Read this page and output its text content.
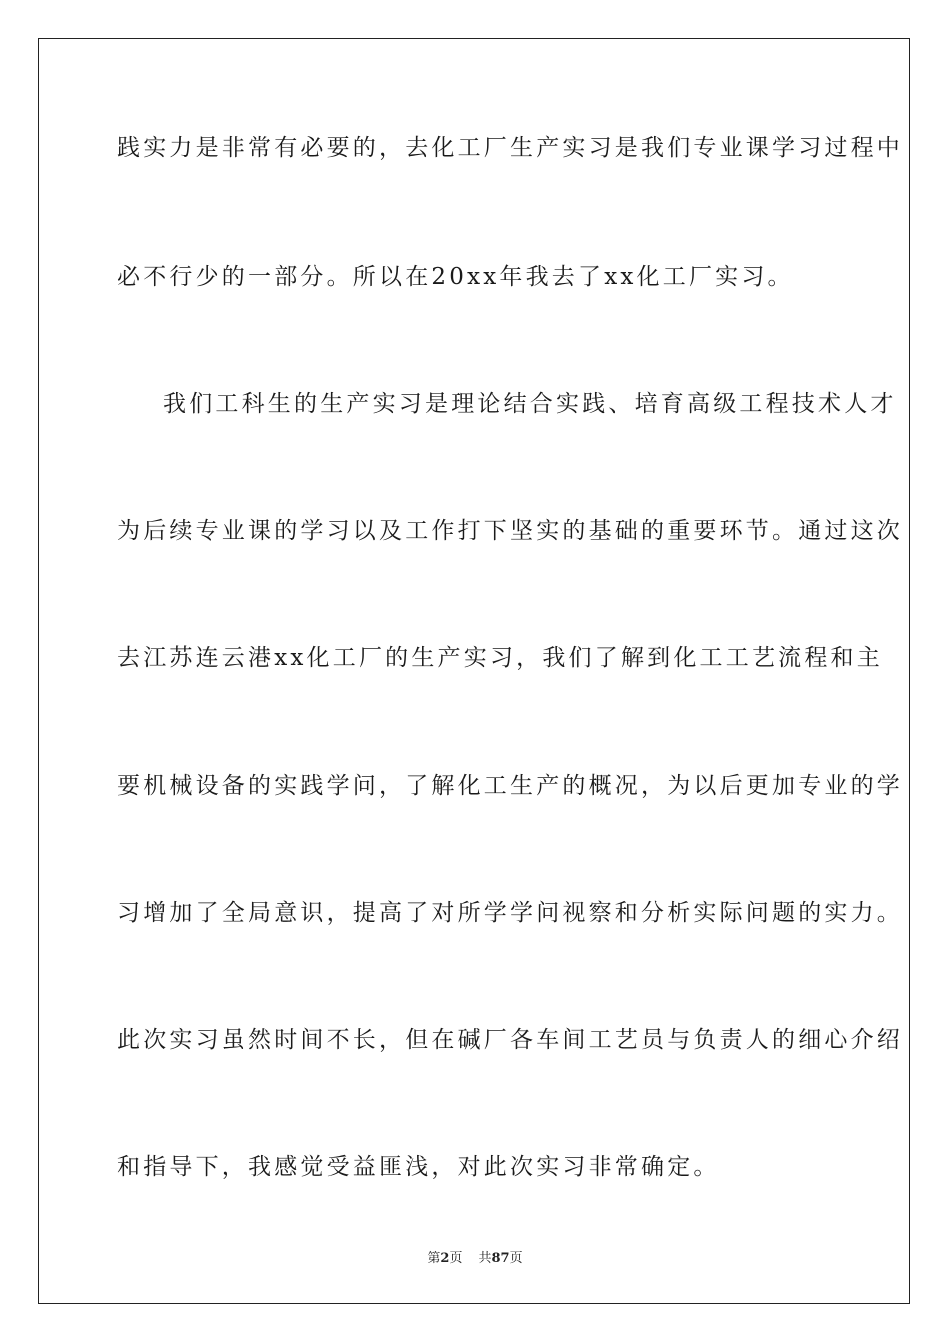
践实力是非常有必要的，去化工厂生产实习是我们专业课学习过程中
必不行少的一部分。所以在20xx年我去了xx化工厂实习。
我们工科生的生产实习是理论结合实践、培育高级工程技术人才
为后续专业课的学习以及工作打下坚实的基础的重要环节。通过这次
去江苏连云港xx化工厂的生产实习，我们了解到化工工艺流程和主
要机械设备的实践学问，了解化工生产的概况，为以后更加专业的学
习增加了全局意识，提高了对所学学问视察和分析实际问题的实力。
此次实习虽然时间不长，但在碱厂各车间工艺员与负责人的细心介绍
和指导下，我感觉受益匪浅，对此次实习非常确定。
第2页 共87页
